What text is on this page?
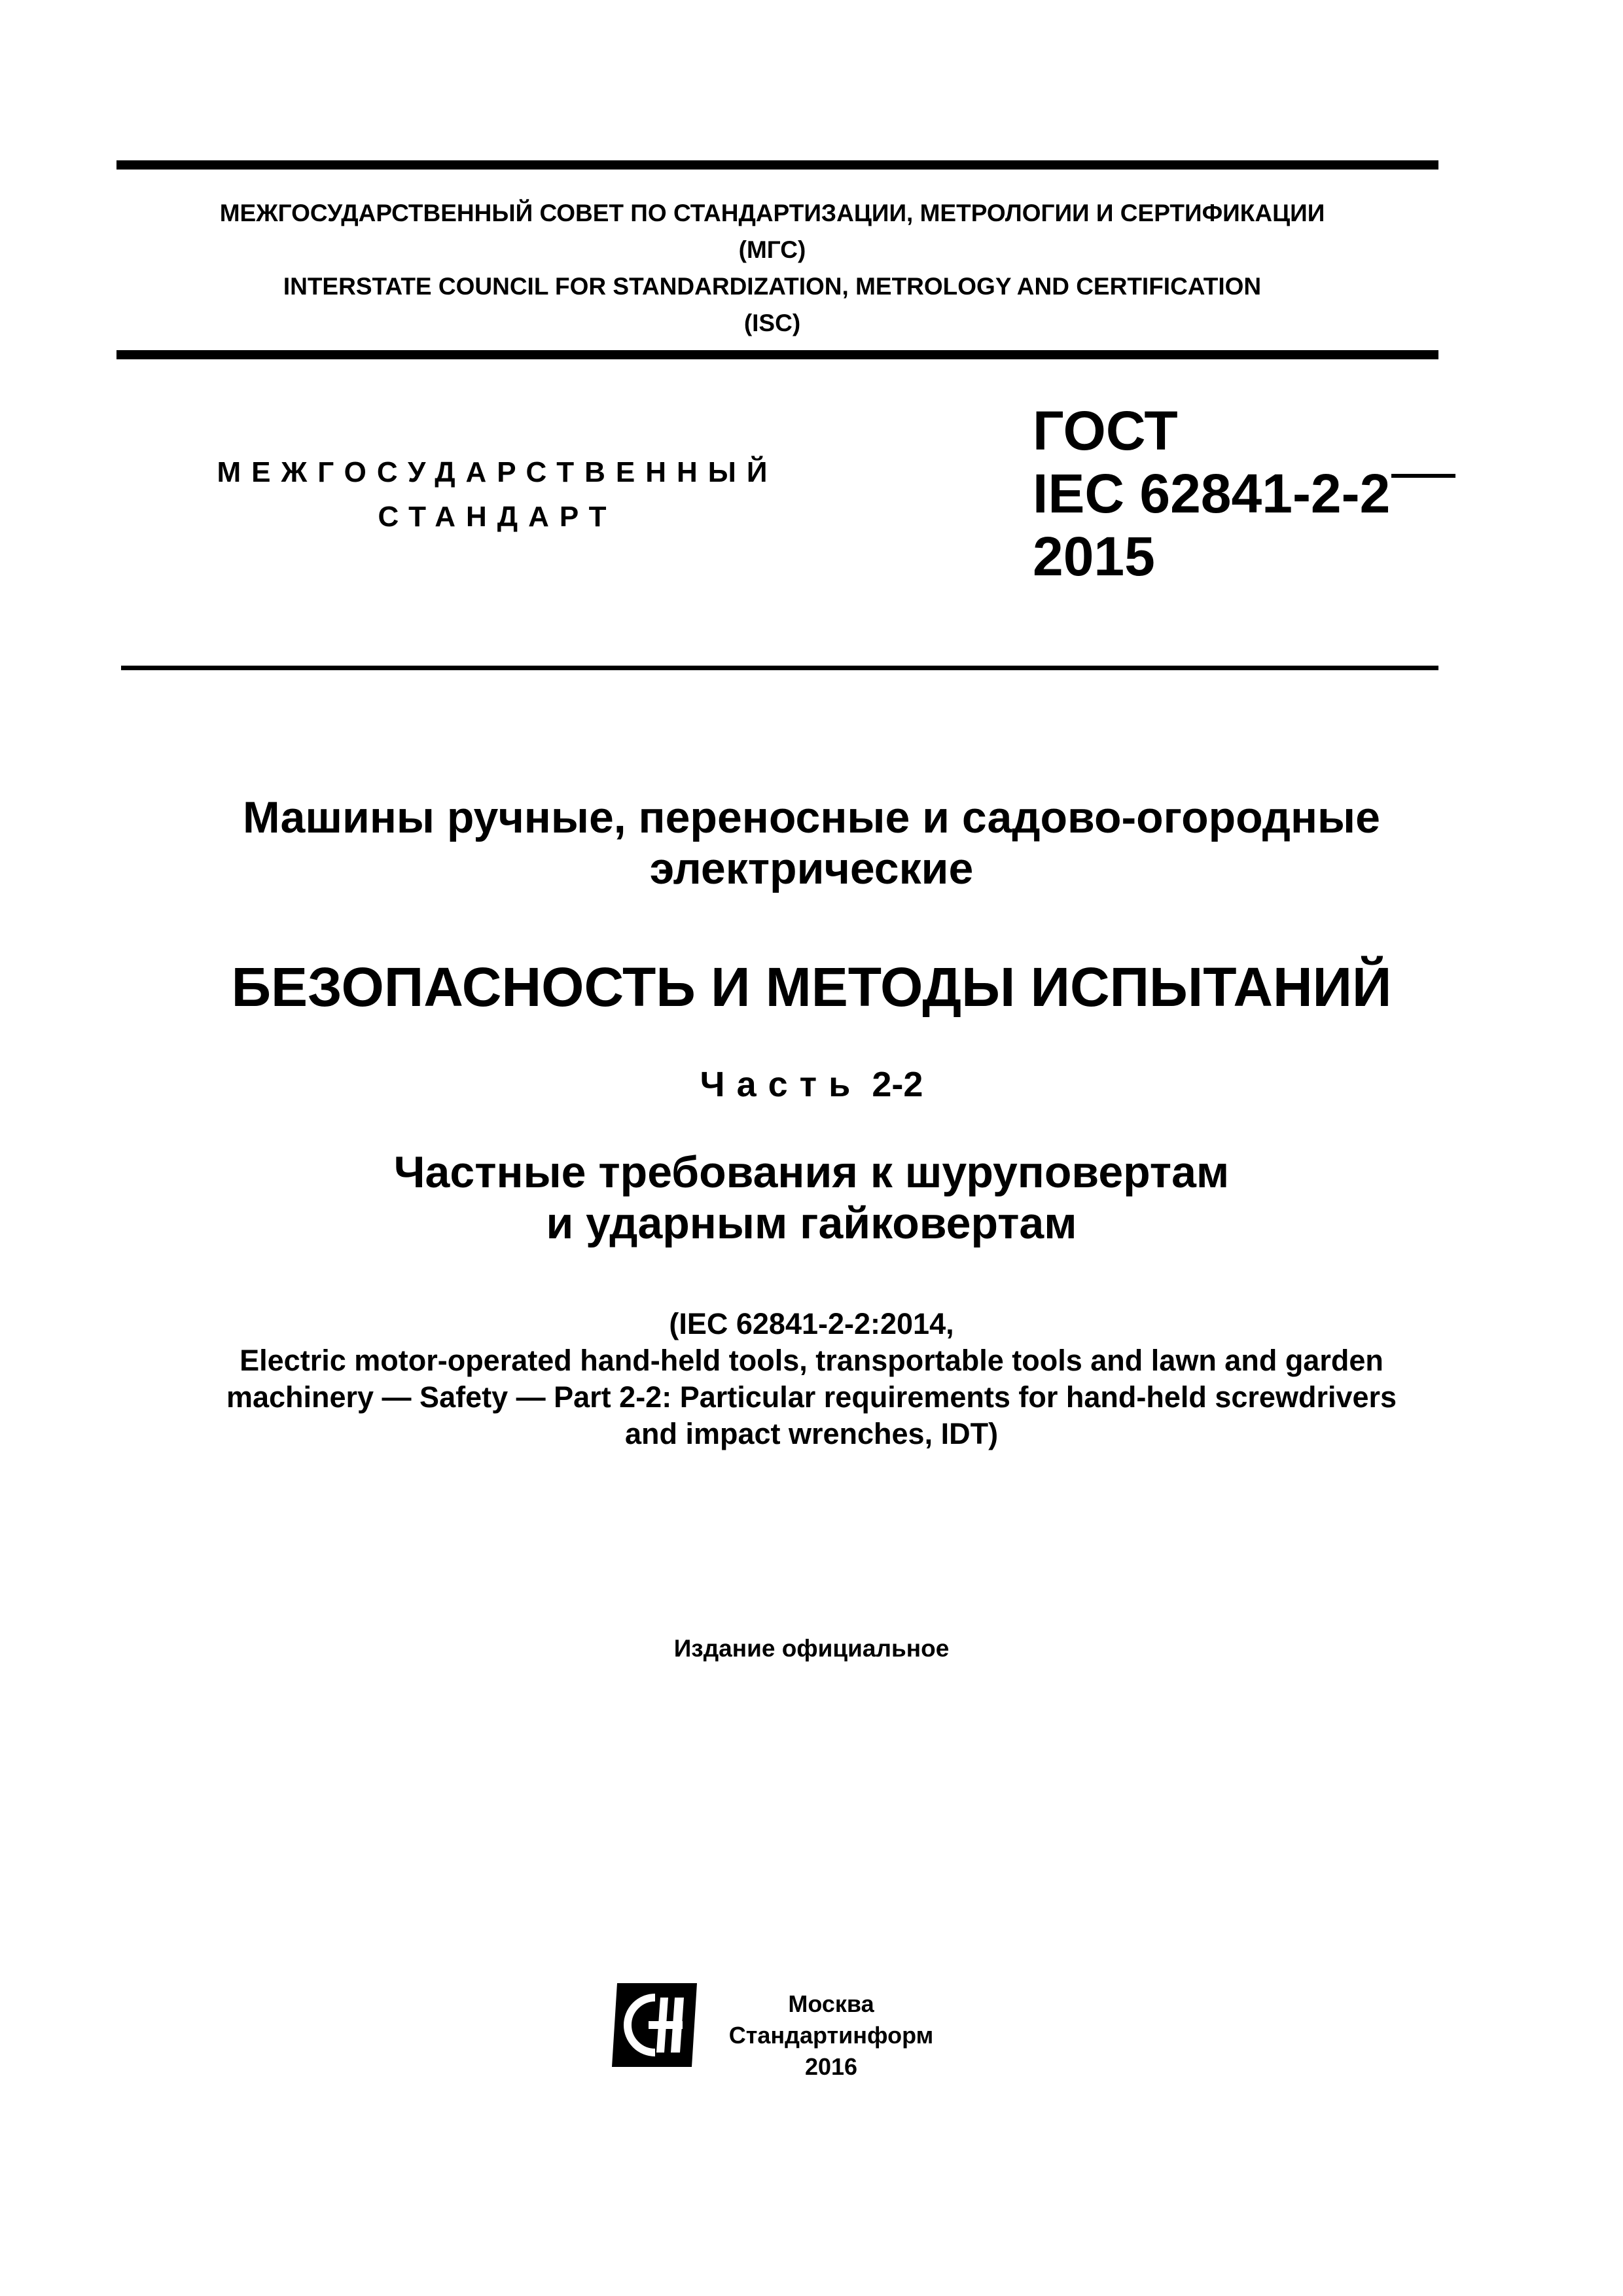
МЕЖГОСУДАРСТВЕННЫЙ СОВЕТ ПО СТАНДАРТИЗАЦИИ, МЕТРОЛОГИИ И СЕРТИФИКАЦИИ
(МГС)
INTERSTATE COUNCIL FOR STANDARDIZATION, METROLOGY AND CERTIFICATION
(ISC)
МЕЖГОСУДАРСТВЕННЫЙ
СТАНДАРТ
ГОСТ
IEC 62841-2-2
2015
Машины ручные, переносные и садово-огородные
электрические
БЕЗОПАСНОСТЬ И МЕТОДЫ ИСПЫТАНИЙ
Часть 2-2
Частные требования к шуруповертам
и ударным гайковертам
(IEC 62841-2-2:2014,
Electric motor-operated hand-held tools, transportable tools and lawn and garden
machinery — Safety — Part 2-2: Particular requirements for hand-held screwdrivers
and impact wrenches, IDT)
Издание официальное
Москва
Стандартинформ
2016
